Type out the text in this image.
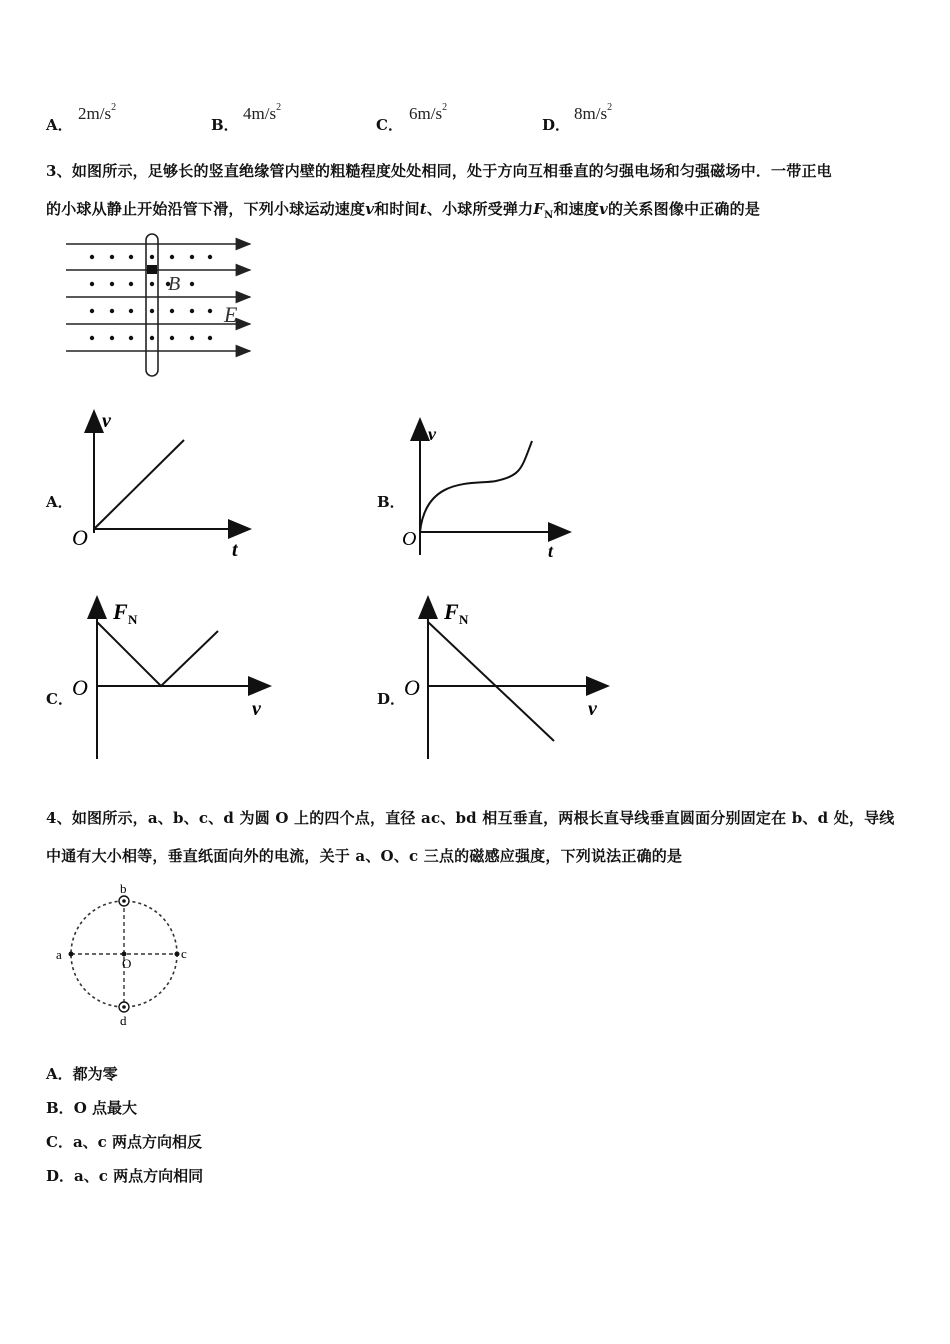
A．
$2m/s^2$
B．
$4m/s^2$
C．
$6m/s^2$
D．
$8m/s^2$
3、如图所示，足够长的竖直绝缘管内壁的粗糙程度处处相同，处于方向互相垂直的匀强电场和匀强磁场中．一带正电
的小球从静止开始沿管下滑，下列小球运动速度v和时间t、小球所受弹力$F_N$和速度v的关系图像中正确的是
B
E
A．	B．
C．	D．
v
t
O
v
t
O
F N
v
O
F N
v
O
4、如图所示，a、b、c、d 为圆 O 上的四个点，直径 ac、bd 相互垂直，两根长直导线垂直圆面分别固定在 b、d 处，导线
中通有大小相等，垂直纸面向外的电流，关于 a、O、c 三点的磁感应强度，下列说法正确的是
b
a	c
O
d
A．都为零
B．O 点最大
C．a、c 两点方向相反
D．a、c 两点方向相同
